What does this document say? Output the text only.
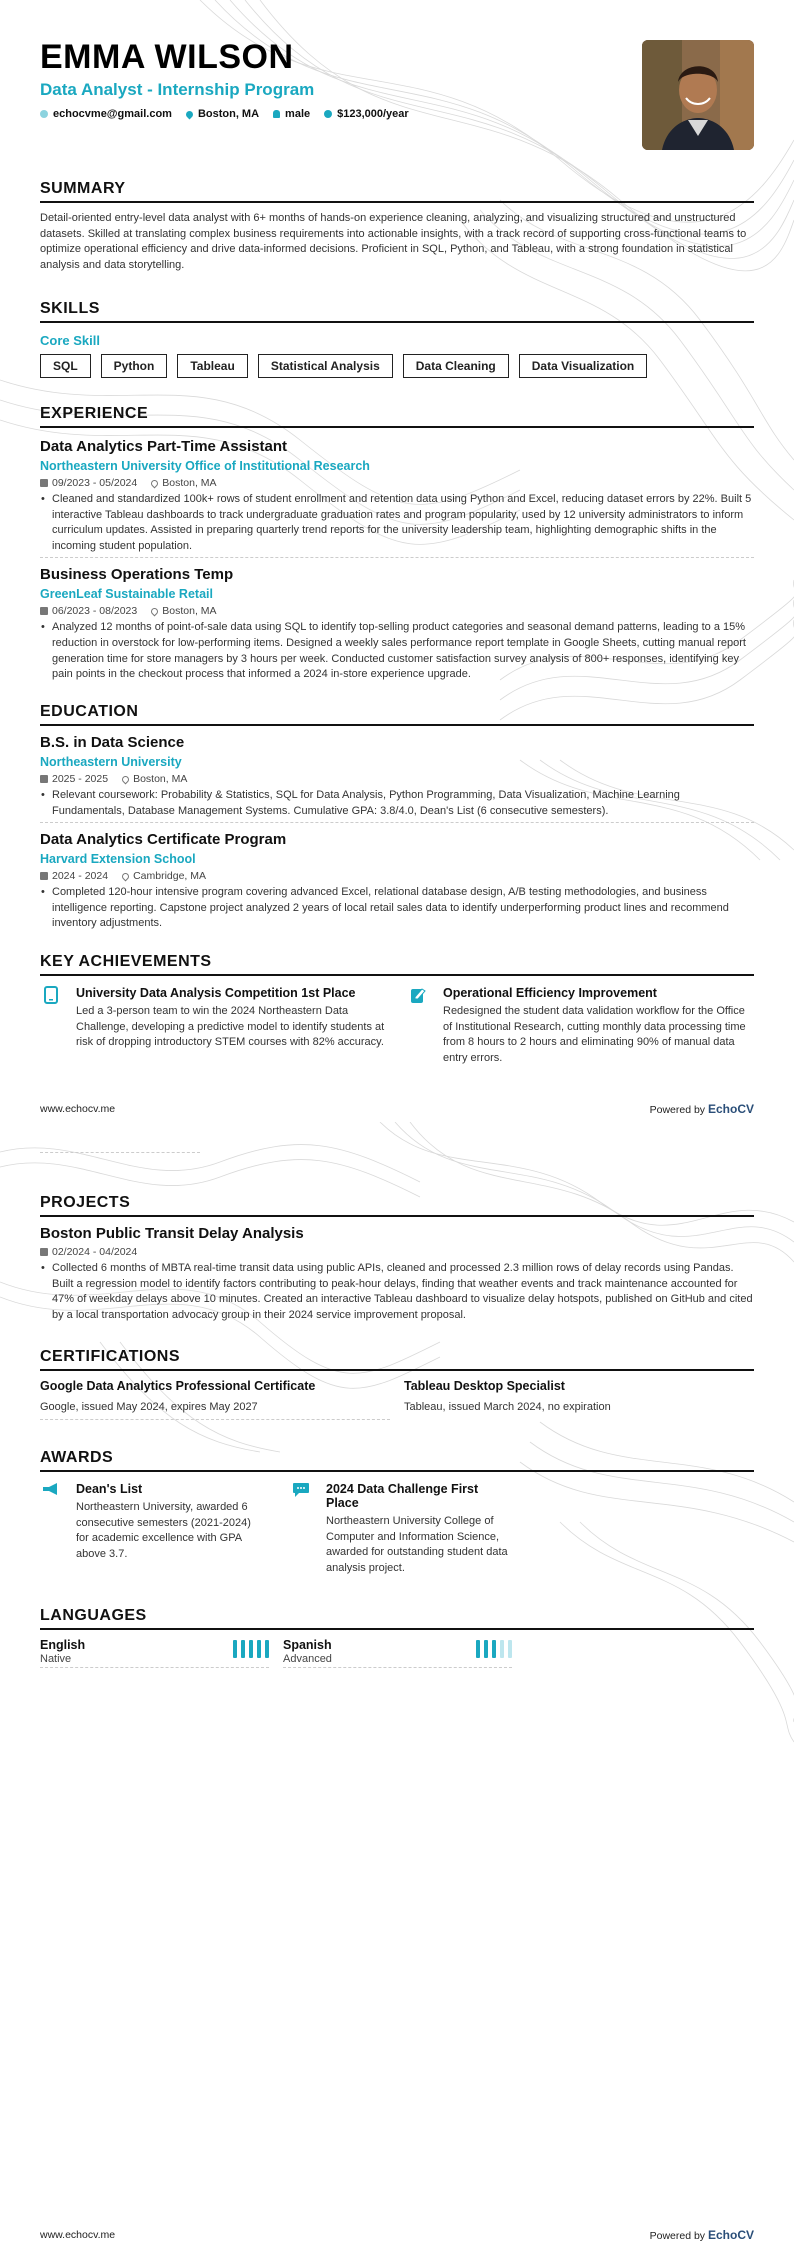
EMMA WILSON
Data Analyst - Internship Program
echocvme@gmail.com Boston, MA male $123,000/year
SUMMARY
Detail-oriented entry-level data analyst with 6+ months of hands-on experience cleaning, analyzing, and visualizing structured and unstructured datasets. Skilled at translating complex business requirements into actionable insights, with a track record of supporting cross-functional teams to optimize operational efficiency and drive data-informed decisions. Proficient in SQL, Python, and Tableau, with a strong foundation in statistical analysis and data storytelling.
SKILLS
Core Skill
SQL	Python	Tableau	Statistical Analysis	Data Cleaning	Data Visualization
EXPERIENCE
Data Analytics Part-Time Assistant
Northeastern University Office of Institutional Research
09/2023 - 05/2024 Boston, MA
• Cleaned and standardized 100k+ rows of student enrollment and retention data using Python and Excel, reducing dataset errors by 22%. Built 5 interactive Tableau dashboards to track undergraduate graduation rates and program popularity, used by 12 university administrators to inform curriculum updates. Assisted in preparing quarterly trend reports for the university leadership team, highlighting demographic shifts in the incoming student population.
Business Operations Temp
GreenLeaf Sustainable Retail
06/2023 - 08/2023 Boston, MA
• Analyzed 12 months of point-of-sale data using SQL to identify top-selling product categories and seasonal demand patterns, leading to a 15% reduction in overstock for low-performing items. Designed a weekly sales performance report template in Google Sheets, cutting manual report generation time for store managers by 3 hours per week. Conducted customer satisfaction survey analysis of 800+ responses, identifying key pain points in the checkout process that informed a 2024 in-store experience upgrade.
EDUCATION
B.S. in Data Science
Northeastern University
2025 - 2025 Boston, MA
• Relevant coursework: Probability & Statistics, SQL for Data Analysis, Python Programming, Data Visualization, Machine Learning Fundamentals, Database Management Systems. Cumulative GPA: 3.8/4.0, Dean's List (6 consecutive semesters).
Data Analytics Certificate Program
Harvard Extension School
2024 - 2024 Cambridge, MA
• Completed 120-hour intensive program covering advanced Excel, relational database design, A/B testing methodologies, and business intelligence reporting. Capstone project analyzed 2 years of local retail sales data to identify underperforming product lines and recommend inventory adjustments.
KEY ACHIEVEMENTS
University Data Analysis Competition 1st Place
Led a 3-person team to win the 2024 Northeastern Data Challenge, developing a predictive model to identify students at risk of dropping introductory STEM courses with 82% accuracy.
Operational Efficiency Improvement
Redesigned the student data validation workflow for the Office of Institutional Research, cutting monthly data processing time from 8 hours to 2 hours and eliminating 90% of manual data entry errors.
www.echocv.me	Powered by EchoCV
PROJECTS
Boston Public Transit Delay Analysis
02/2024 - 04/2024
• Collected 6 months of MBTA real-time transit data using public APIs, cleaned and processed 2.3 million rows of delay records using Pandas. Built a regression model to identify factors contributing to peak-hour delays, finding that weather events and track maintenance accounted for 47% of weekday delays above 10 minutes. Created an interactive Tableau dashboard to visualize delay hotspots, published on GitHub and cited by a local transportation advocacy group in their 2024 service improvement proposal.
CERTIFICATIONS
Google Data Analytics Professional Certificate
Google, issued May 2024, expires May 2027
Tableau Desktop Specialist
Tableau, issued March 2024, no expiration
AWARDS
Dean's List
Northeastern University, awarded 6 consecutive semesters (2021-2024) for academic excellence with GPA above 3.7.
2024 Data Challenge First Place
Northeastern University College of Computer and Information Science, awarded for outstanding student data analysis project.
LANGUAGES
English
Native
Spanish
Advanced
www.echocv.me	Powered by EchoCV
